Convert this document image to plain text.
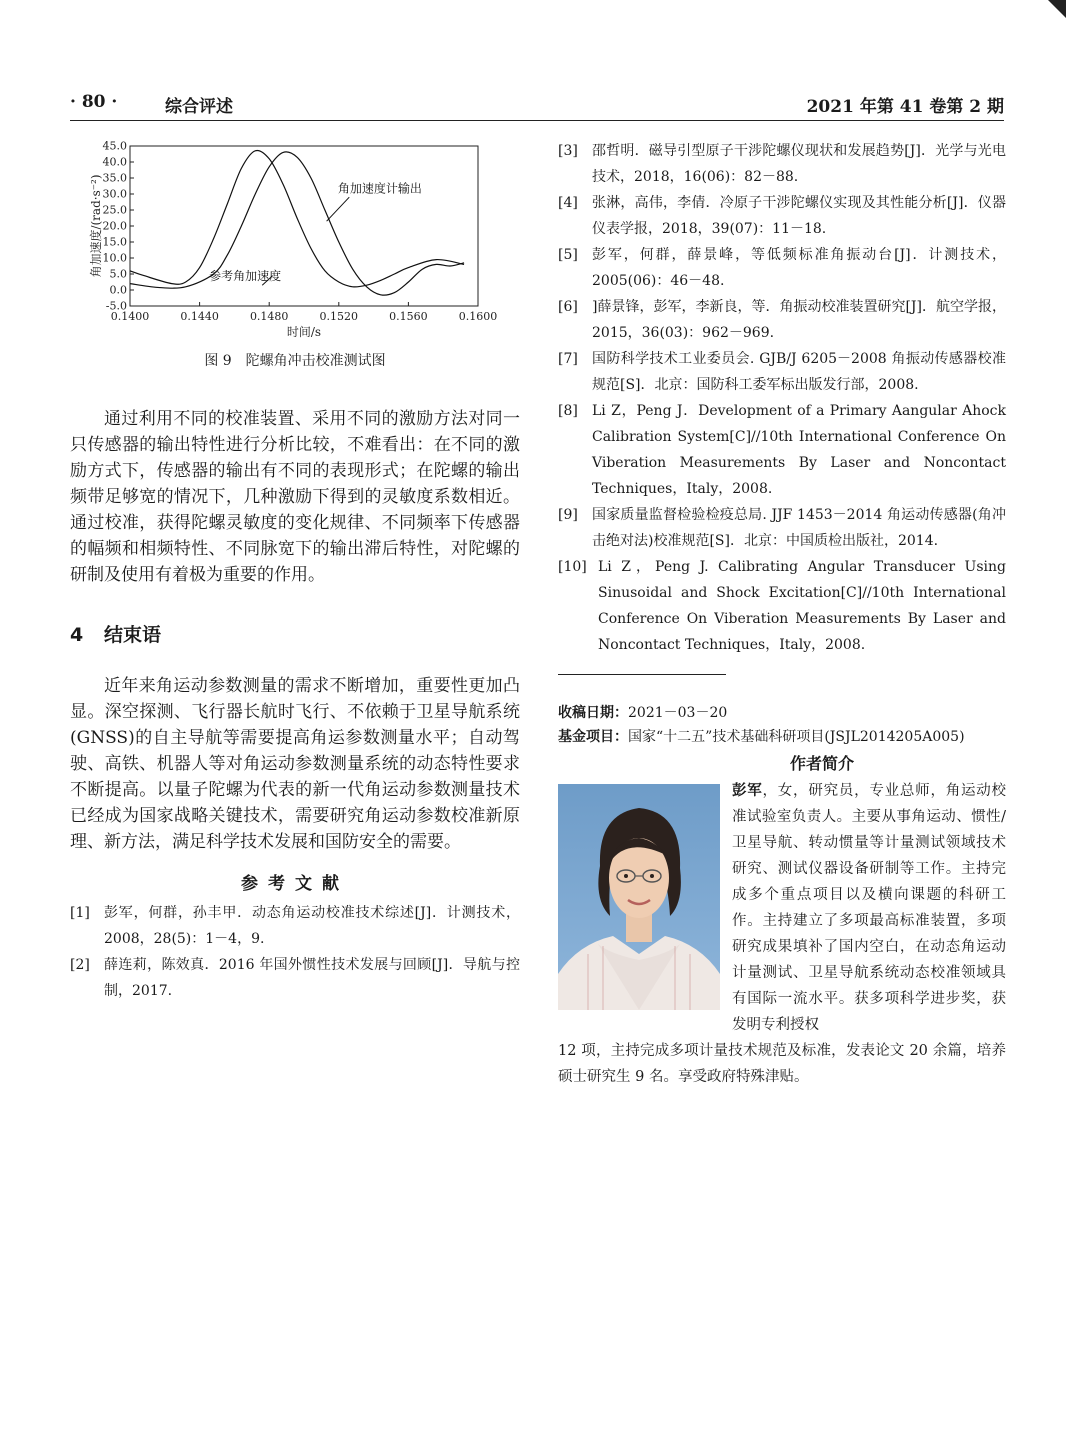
· 80 ·	综合评述	2021 年第 41 卷第 2 期
-5.0
0.0
5.0
10.0
15.0
20.0
25.0
30.0
35.0
40.0
45.0
0.1400	0.1440	0.1480	0.1520	0.1560	0.1600
时间/s
角加速度/(rad·s⁻²)	角加速度计输出
参考角加速度
图 9　陀螺角冲击校准测试图

通过利用不同的校准装置、采用不同的激励方法对同一只传感器的输出特性进行分析比较，不难看出：在不同的激励方式下，传感器的输出有不同的表现形式；在陀螺的输出频带足够宽的情况下，几种激励下得到的灵敏度系数相近。通过校准，获得陀螺灵敏度的变化规律、不同频率下传感器的幅频和相频特性、不同脉宽下的输出滞后特性，对陀螺的研制及使用有着极为重要的作用。

4 结束语

近年来角运动参数测量的需求不断增加，重要性更加凸显。深空探测、飞行器长航时飞行、不依赖于卫星导航系统(GNSS)的自主导航等需要提高角运参数测量水平；自动驾驶、高铁、机器人等对角运动参数测量系统的动态特性要求不断提高。以量子陀螺为代表的新一代角运动参数测量技术已经成为国家战略关键技术，需要研究角运动参数校准新原理、新方法，满足科学技术发展和国防安全的需要。

参考文献
[1]	彭军，何群，孙丰甲．动态角运动校准技术综述[J]．计测技术，2008，28(5)：1－4，9.
[2]	薛连莉，陈效真．2016 年国外惯性技术发展与回顾[J]．导航与控制，2017.
[3]	邵哲明．磁导引型原子干涉陀螺仪现状和发展趋势[J]．光学与光电技术，2018，16(06)：82－88.
[4]	张淋，高伟，李倩．冷原子干涉陀螺仪实现及其性能分析[J]．仪器仪表学报，2018，39(07)：11－18.
[5]	彭军，何群，薛景峰，等低频标准角振动台[J]．计测技术，2005(06)：46－48.
[6]	]薛景锋，彭军，李新良，等．角振动校准装置研究[J]．航空学报，2015，36(03)：962－969.
[7]	国防科学技术工业委员会. GJB/J 6205－2008 角振动传感器校准规范[S]．北京：国防科工委军标出版发行部，2008.
[8]	Li Z，Peng J．Development of a Primary Aangular Ahock Calibration System[C]//10th International Conference On Viberation Measurements By Laser and Noncontact Techniques，Italy，2008.
[9]	国家质量监督检验检疫总局. JJF 1453－2014 角运动传感器(角冲击绝对法)校准规范[S]．北京：中国质检出版社，2014.
[10] Li Z，Peng J. Calibrating Angular Transducer Using Sinusoidal and Shock Excitation[C]//10th International Conference On Viberation Measurements By Laser and Noncontact Techniques，Italy，2008.
收稿日期：2021－03－20
基金项目：国家“十二五”技术基础科研项目(JSJL2014205A005)
作者简介
彭军，女，研究员，专业总师，角运动校准试验室负责人。主要从事角运动、惯性/卫星导航、转动惯量等计量测试领域技术研究、测试仪器设备研制等工作。主持完成多个重点项目以及横向课题的科研工作。主持建立了多项最高标准装置，多项研究成果填补了国内空白，在动态角运动计量测试、卫星导航系统动态校准领域具有国际一流水平。获多项科学进步奖，获发明专利授权
12 项，主持完成多项计量技术规范及标准，发表论文 20 余篇，培养硕士研究生 9 名。享受政府特殊津贴。
